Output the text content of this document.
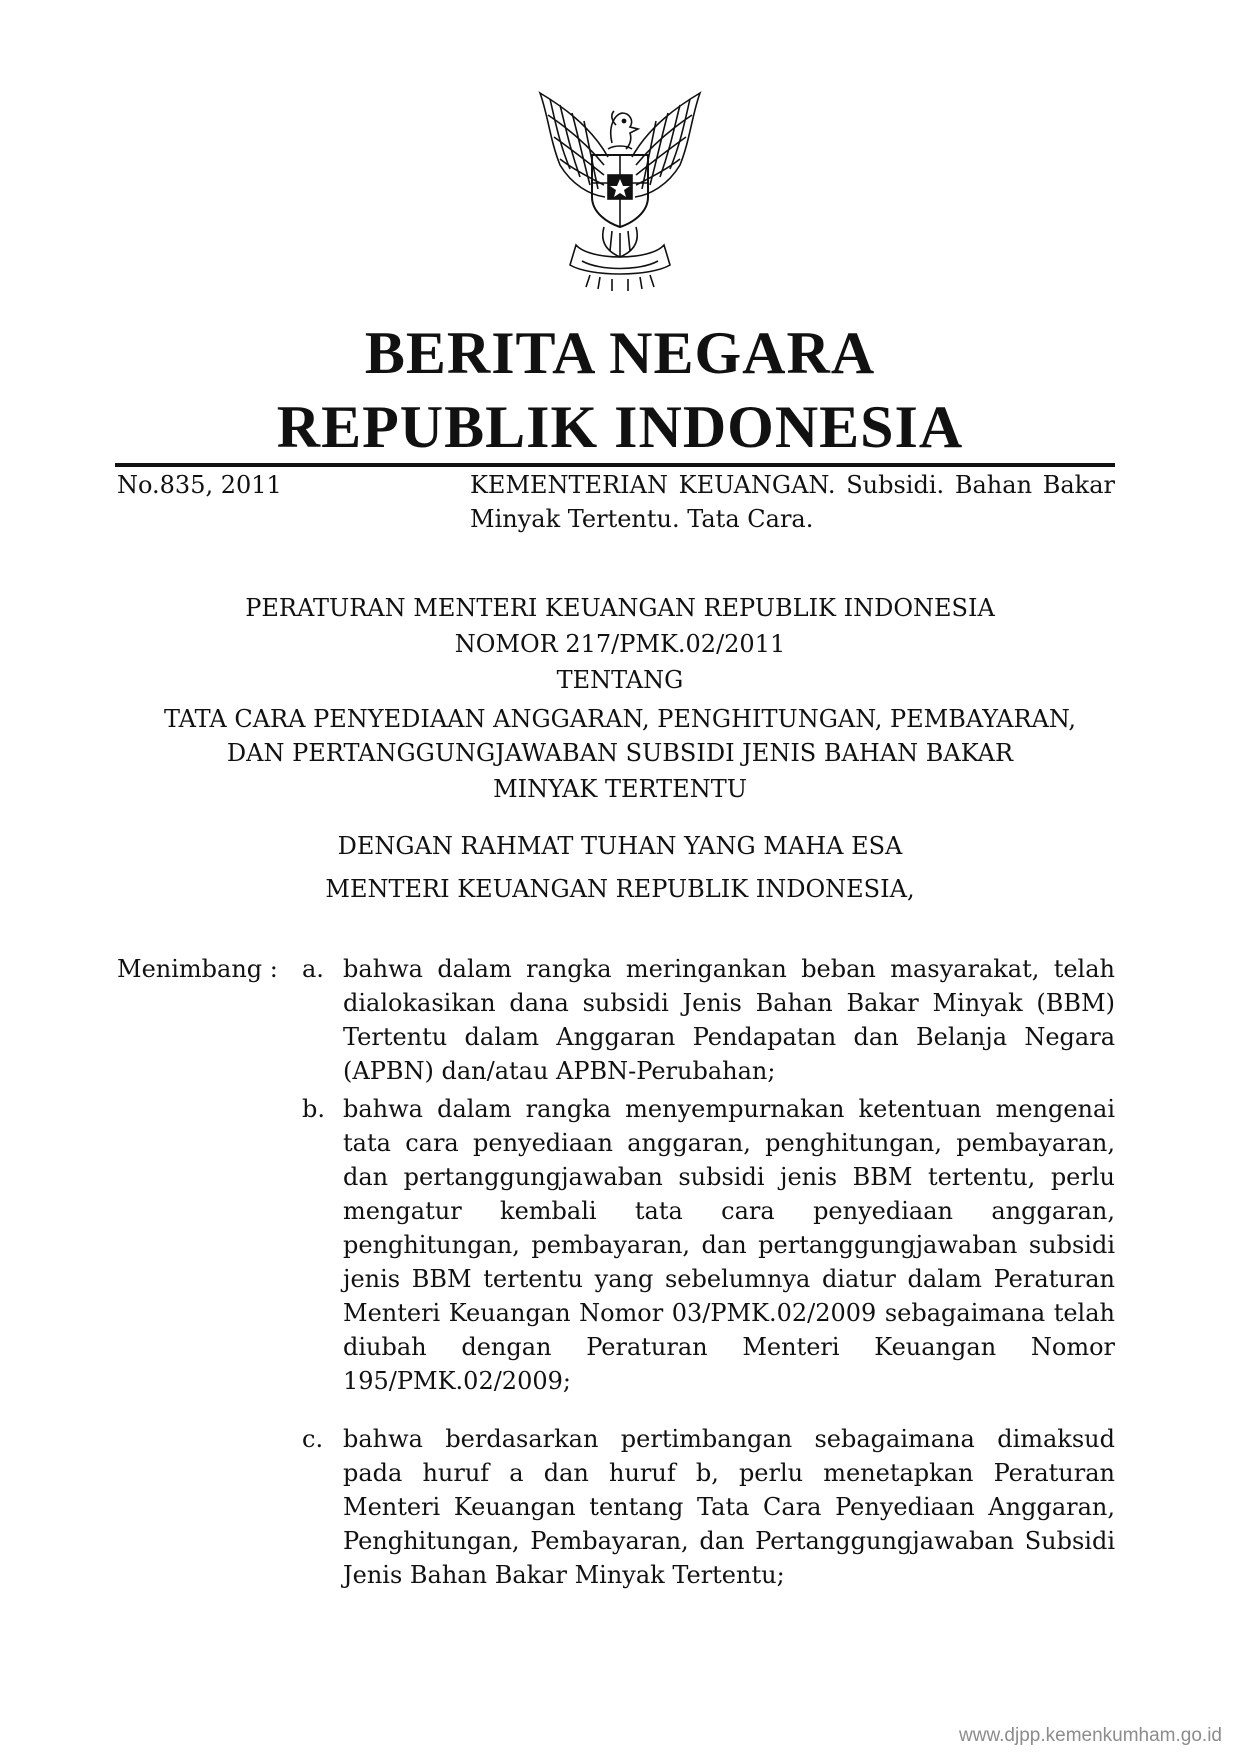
BERITA NEGARA
REPUBLIK INDONESIA
No.835, 2011	KEMENTERIAN KEUANGAN. Subsidi. Bahan Bakar Minyak Tertentu. Tata Cara.
PERATURAN MENTERI KEUANGAN REPUBLIK INDONESIA
NOMOR 217/PMK.02/2011
TENTANG
TATA CARA PENYEDIAAN ANGGARAN, PENGHITUNGAN, PEMBAYARAN,
DAN PERTANGGUNGJAWABAN SUBSIDI JENIS BAHAN BAKAR
MINYAK TERTENTU
DENGAN RAHMAT TUHAN YANG MAHA ESA
MENTERI KEUANGAN REPUBLIK INDONESIA,
Menimbang : a. bahwa dalam rangka meringankan beban masyarakat, telah dialokasikan dana subsidi Jenis Bahan Bakar Minyak (BBM) Tertentu dalam Anggaran Pendapatan dan Belanja Negara (APBN) dan/atau APBN-Perubahan;
b. bahwa dalam rangka menyempurnakan ketentuan mengenai tata cara penyediaan anggaran, penghitungan, pembayaran, dan pertanggungjawaban subsidi jenis BBM tertentu, perlu mengatur kembali tata cara penyediaan anggaran, penghitungan, pembayaran, dan pertanggungjawaban subsidi jenis BBM tertentu yang sebelumnya diatur dalam Peraturan Menteri Keuangan Nomor 03/PMK.02/2009 sebagaimana telah diubah dengan Peraturan Menteri Keuangan Nomor 195/PMK.02/2009;
c. bahwa berdasarkan pertimbangan sebagaimana dimaksud pada huruf a dan huruf b, perlu menetapkan Peraturan Menteri Keuangan tentang Tata Cara Penyediaan Anggaran, Penghitungan, Pembayaran, dan Pertanggungjawaban Subsidi Jenis Bahan Bakar Minyak Tertentu;
www.djpp.kemenkumham.go.id
